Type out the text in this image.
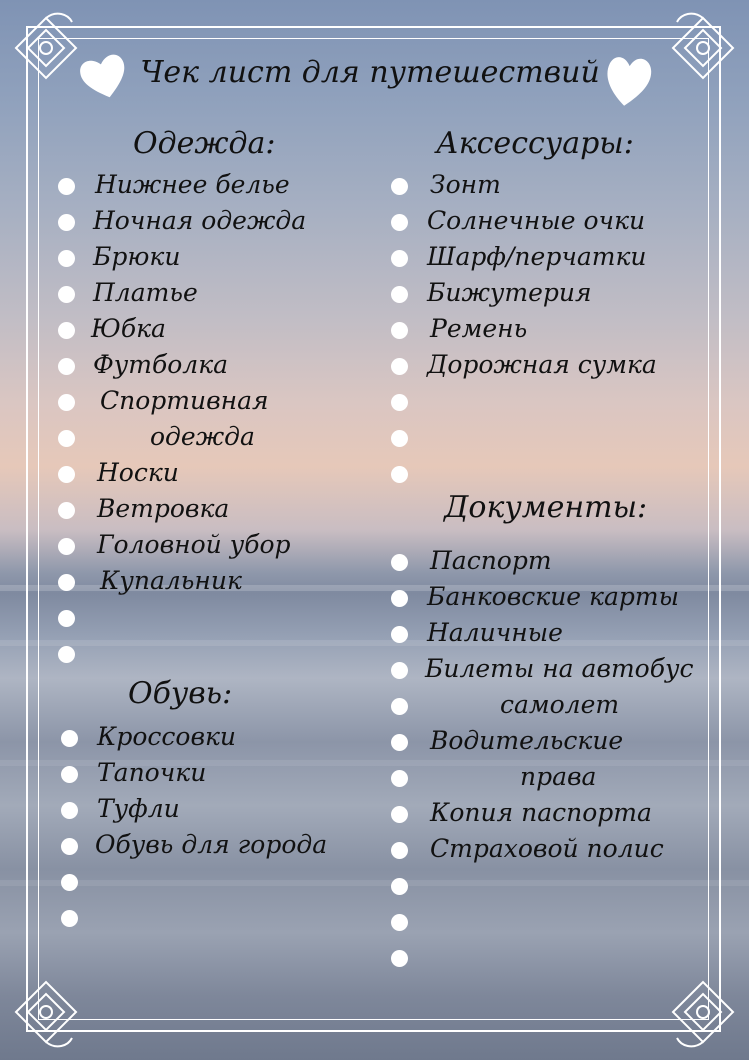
Чек лист для путешествий
Одежда:	Аксессуары:
Обувь:
Документы:
Нижнее белье
Ночная одежда
Брюки
Платье
Юбка
Футболка
Спортивная
одежда
Носки
Ветровка
Головной убор
Купальник
Кроссовки
Тапочки
Туфли
Обувь для города
Зонт
Солнечные очки
Шарф/перчатки
Бижутерия
Ремень
Дорожная сумка
Паспорт
Банковские карты
Наличные
Билеты на автобус
самолет
Водительские
права
Копия паспорта
Страховой полис
